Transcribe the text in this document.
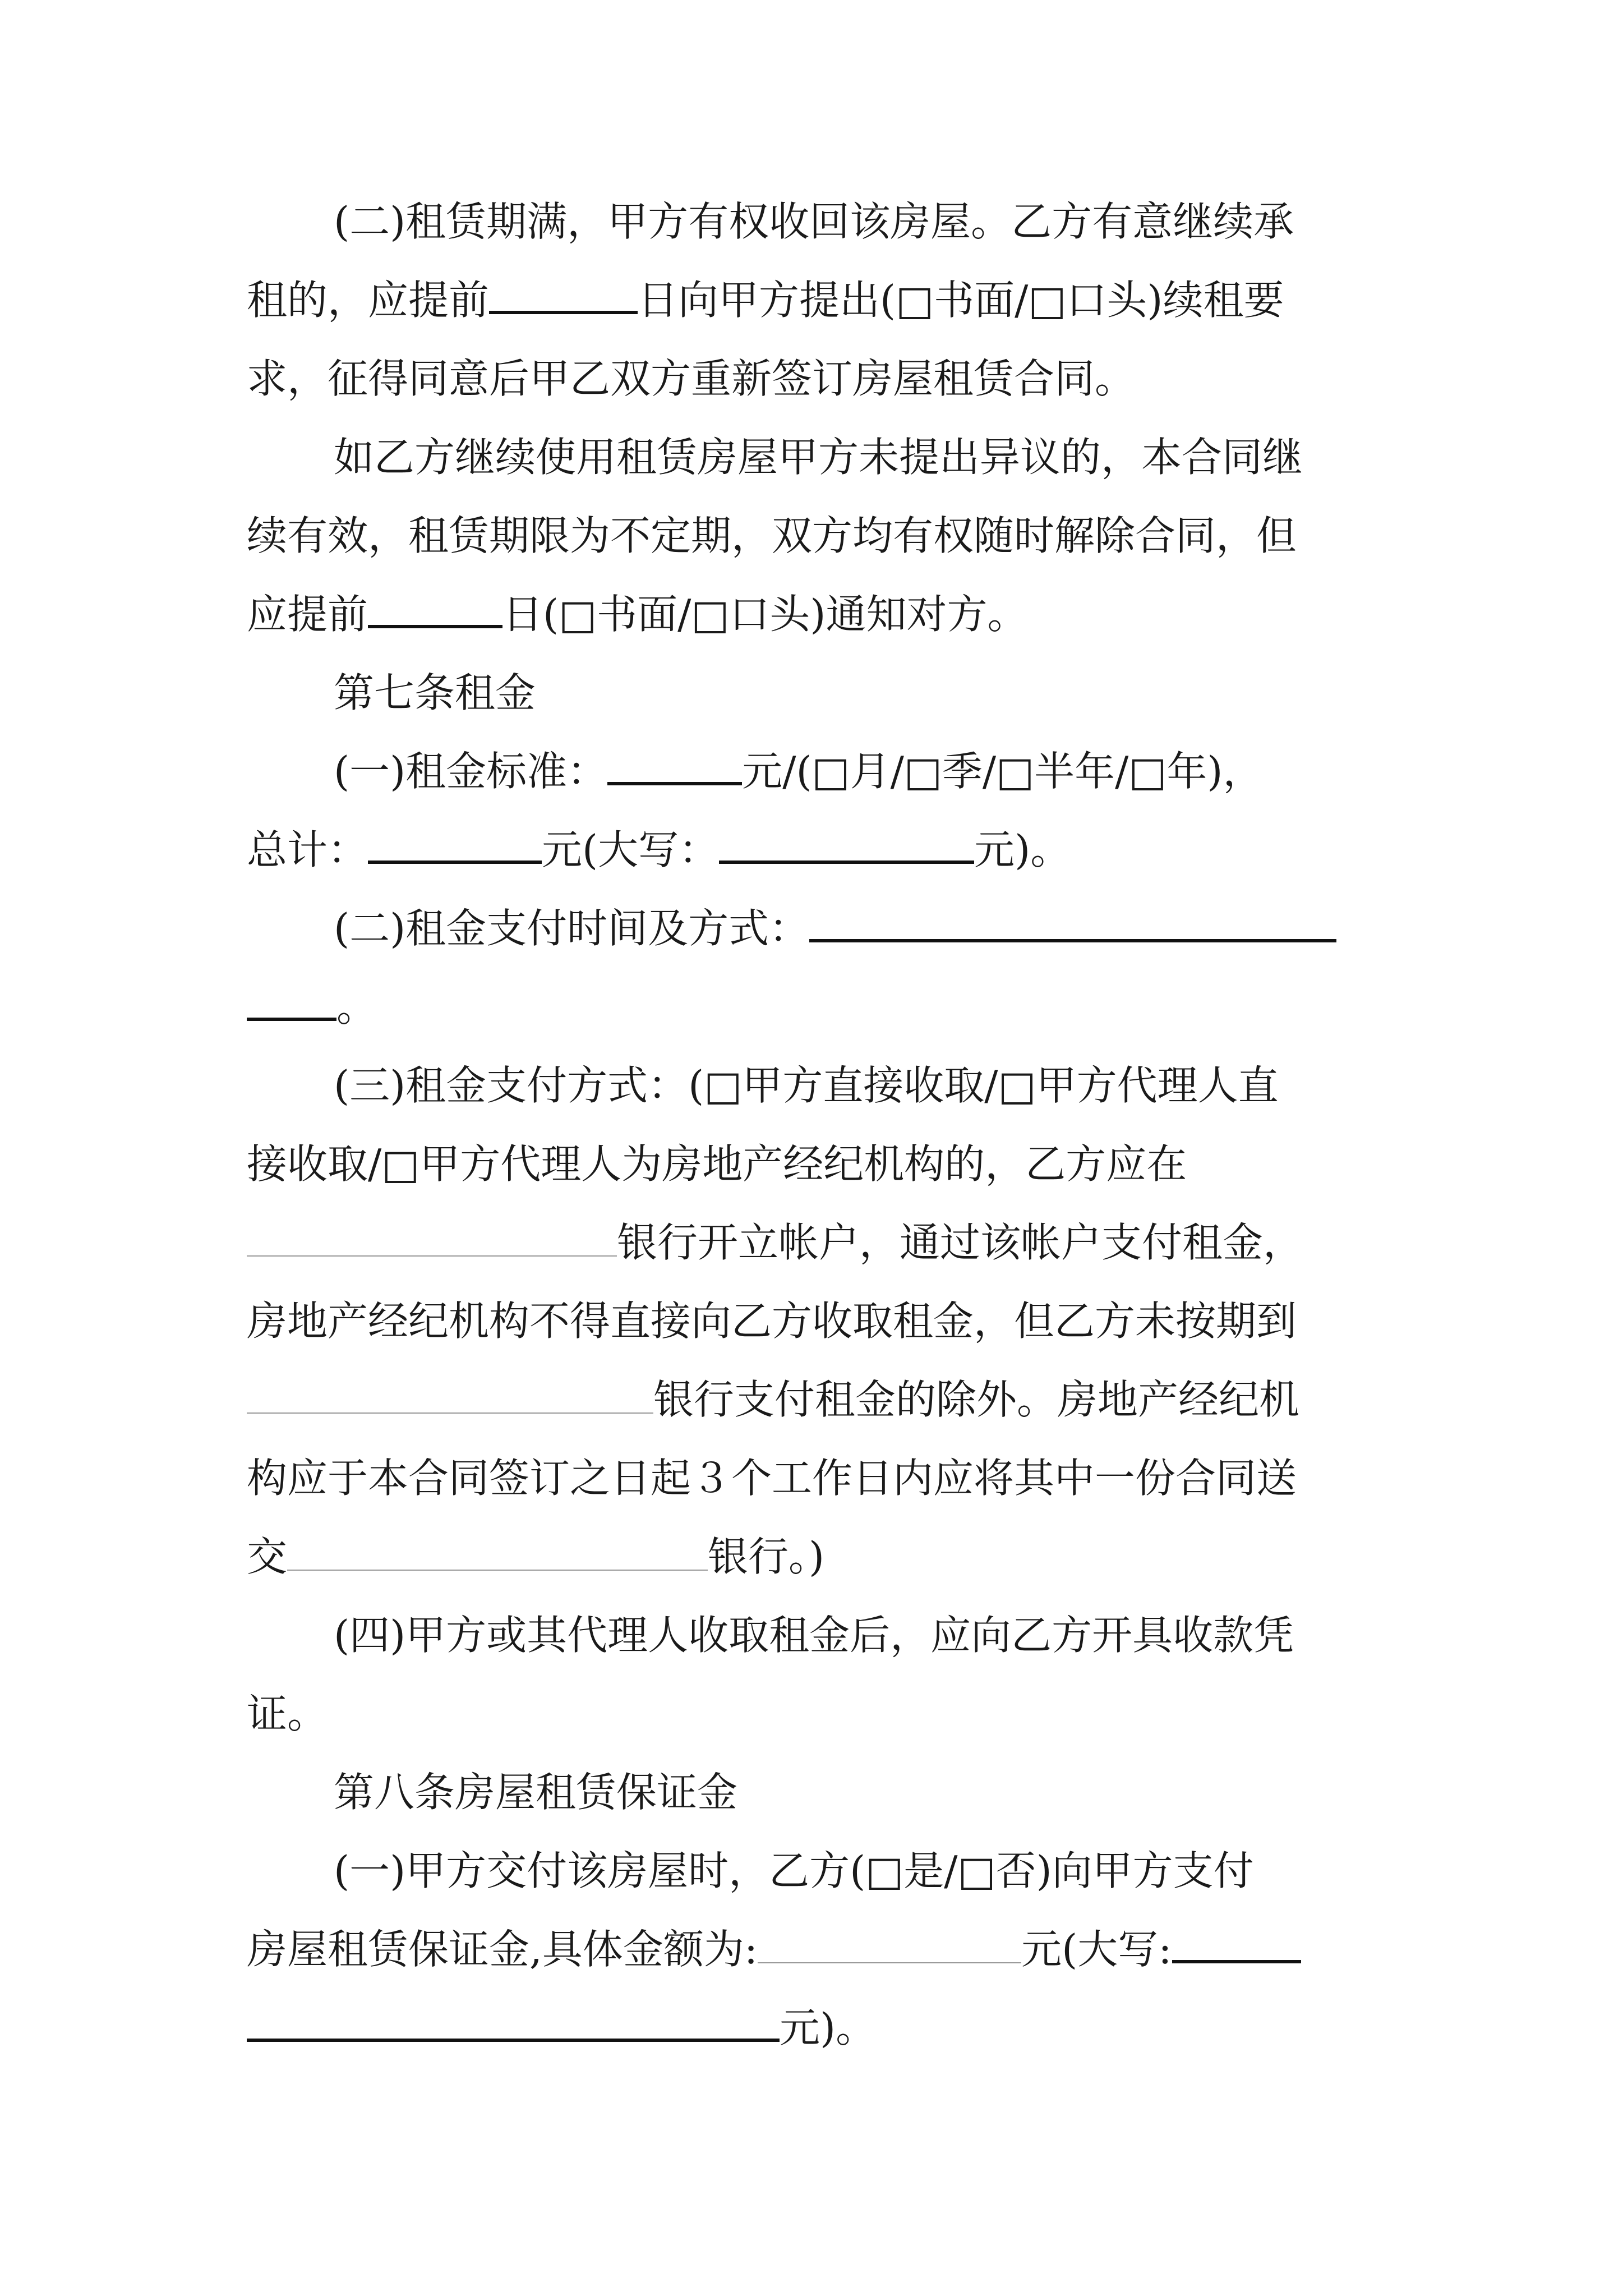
(二)租赁期满，甲方有权收回该房屋。乙方有意继续承
租的，应提前	日向甲方提出(□书面/□口头)续租要
求，征得同意后甲乙双方重新签订房屋租赁合同。
如乙方继续使用租赁房屋甲方未提出异议的，本合同继
续有效，租赁期限为不定期，双方均有权随时解除合同，但
应提前	日(□书面/□口头)通知对方。
第七条租金
(一)租金标准：	元/(□月/□季/□半年/□年)，
总计：	元(大写：	元)。
(二)租金支付时间及方式：
。
(三)租金支付方式：(□甲方直接收取/□甲方代理人直
接收取/□甲方代理人为房地产经纪机构的，乙方应在
银行开立帐户，通过该帐户支付租金，
房地产经纪机构不得直接向乙方收取租金，但乙方未按期到
银行支付租金的除外。房地产经纪机
构应于本合同签订之日起３个工作日内应将其中一份合同送
交	银行。)
(四)甲方或其代理人收取租金后，应向乙方开具收款凭
证。
第八条房屋租赁保证金
(一)甲方交付该房屋时，乙方(□是/□否)向甲方支付
房屋租赁保证金,具体金额为:	元(大写:
元)。
